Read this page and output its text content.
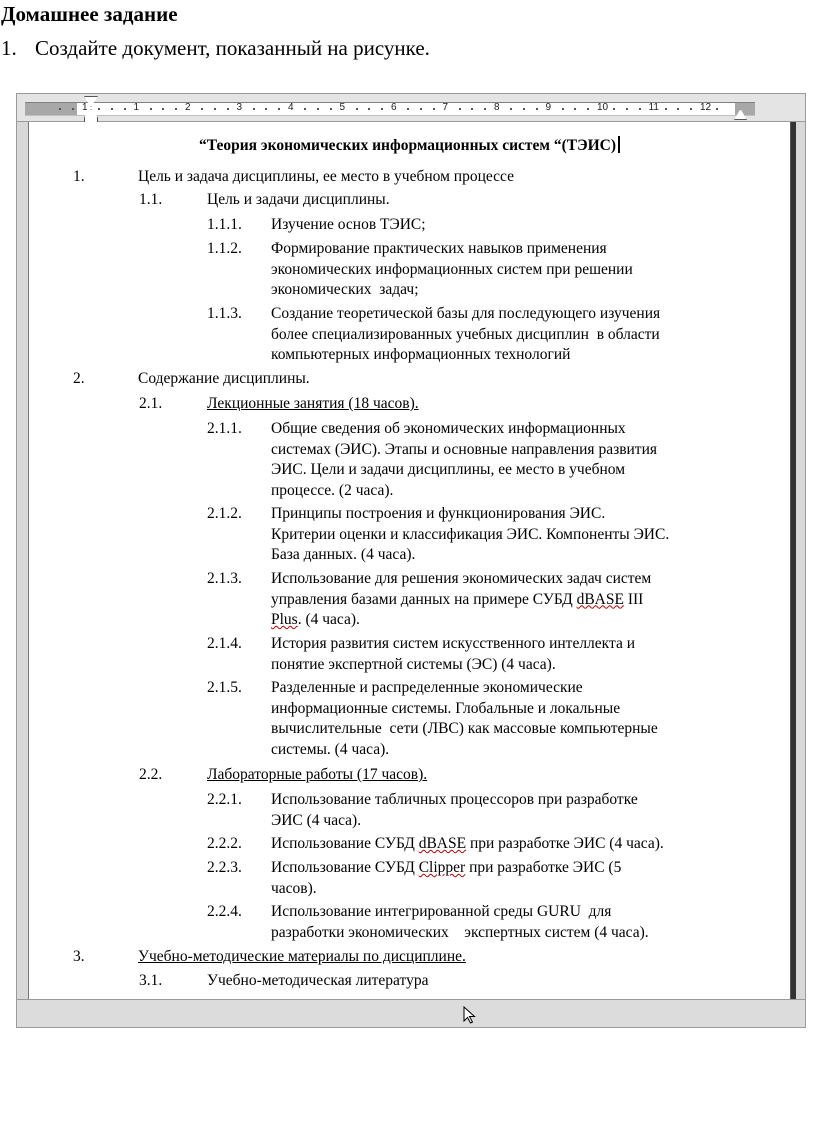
Домашнее задание
1. Создайте документ, показанный на рисунке.
1	1	2	3	4	5	6	7	8	9	10	11	12
“Теория экономических информационных систем “(ТЭИС)
1.	Цель и задача дисциплины, ее место в учебном процессе
1.1.	Цель и задачи дисциплины.
1.1.1. Изучение основ ТЭИС;
1.1.2. Формирование практических навыков применения
экономических информационных систем при решении
экономических  задач;
1.1.3. Создание теоретической базы для последующего изучения
более специализированных учебных дисциплин  в области
компьютерных информационных технологий
2.	Содержание дисциплины.
2.1.	Лекционные занятия (18 часов).
2.1.1. Общие сведения об экономических информационных
системах (ЭИС). Этапы и основные направления развития
ЭИС. Цели и задачи дисциплины, ее место в учебном
процессе. (2 часа).
2.1.2. Принципы построения и функционирования ЭИС.
Критерии оценки и классификация ЭИС. Компоненты ЭИС.
База данных. (4 часа).
2.1.3. Использование для решения экономических задач систем
управления базами данных на примере СУБД dBASE III
Plus. (4 часа).
2.1.4. История развития систем искусственного интеллекта и
понятие экспертной системы (ЭС) (4 часа).
2.1.5. Разделенные и распределенные экономические
информационные системы. Глобальные и локальные
вычислительные  сети (ЛВС) как массовые компьютерные
системы. (4 часа).
2.2.	Лабораторные работы (17 часов).
2.2.1. Использование табличных процессоров при разработке
ЭИС (4 часа).
2.2.2. Использование СУБД dBASE при разработке ЭИС (4 часа).
2.2.3. Использование СУБД Clipper при разработке ЭИС (5
часов).
2.2.4. Использование интегрированной среды GURU  для
разработки экономических    экспертных систем (4 часа).
3.	Учебно-методические материалы по дисциплине.
3.1.	Учебно-методическая литература
